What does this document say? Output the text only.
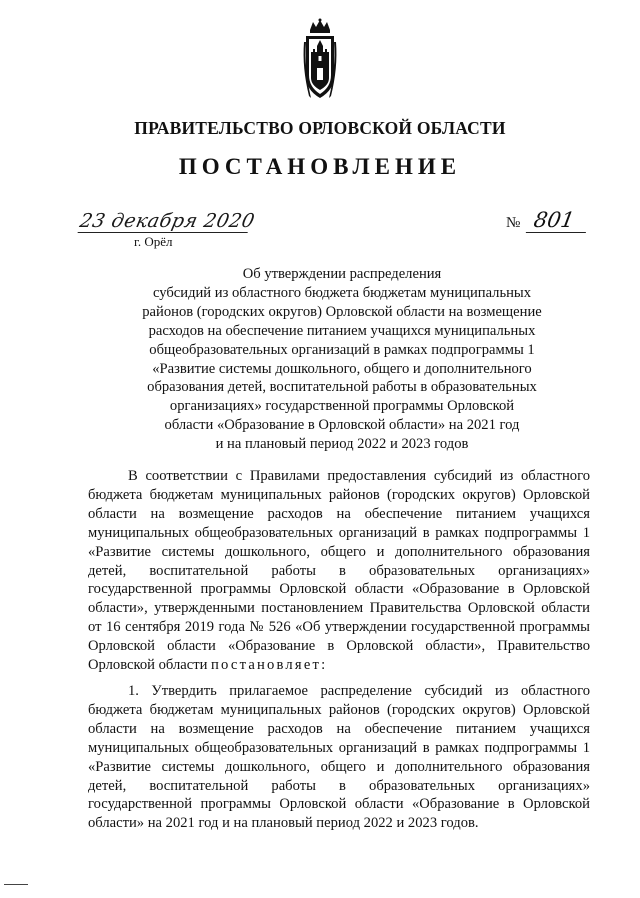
ПРАВИТЕЛЬСТВО ОРЛОВСКОЙ ОБЛАСТИ
ПОСТАНОВЛЕНИЕ
23 декабря 2020
г. Орёл
№ 801
Об утверждении распределения
субсидий из областного бюджета бюджетам муниципальных
районов (городских округов) Орловской области на возмещение
расходов на обеспечение питанием учащихся муниципальных
общеобразовательных организаций в рамках подпрограммы 1
«Развитие системы дошкольного, общего и дополнительного
образования детей, воспитательной работы в образовательных
организациях» государственной программы Орловской
области «Образование в Орловской области» на 2021 год
и на плановый период 2022 и 2023 годов
В соответствии с Правилами предоставления субсидий из областного
бюджета бюджетам муниципальных районов (городских округов) Орловской
области на возмещение расходов на обеспечение питанием учащихся
муниципальных общеобразовательных организаций в рамках подпрограммы 1
«Развитие системы дошкольного, общего и дополнительного образования
детей, воспитательной работы в образовательных организациях»
государственной программы Орловской области «Образование в Орловской
области», утвержденными постановлением Правительства Орловской области
от 16 сентября 2019 года № 526 «Об утверждении государственной программы
Орловской области «Образование в Орловской области», Правительство
Орловской области постановляет:
1. Утвердить прилагаемое распределение субсидий из областного
бюджета бюджетам муниципальных районов (городских округов) Орловской
области на возмещение расходов на обеспечение питанием учащихся
муниципальных общеобразовательных организаций в рамках подпрограммы 1
«Развитие системы дошкольного, общего и дополнительного образования
детей, воспитательной работы в образовательных организациях»
государственной программы Орловской области «Образование в Орловской
области» на 2021 год и на плановый период 2022 и 2023 годов.
